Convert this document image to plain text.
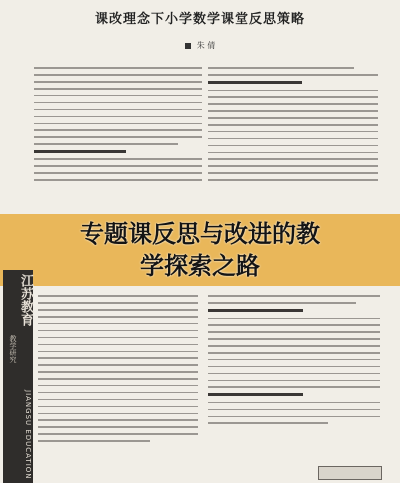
课改理念下小学数学课堂反思策略
朱 倩
专题课反思与改进的教
学探索之路
江苏教育
教学研究
JIANGSU EDUCATION
